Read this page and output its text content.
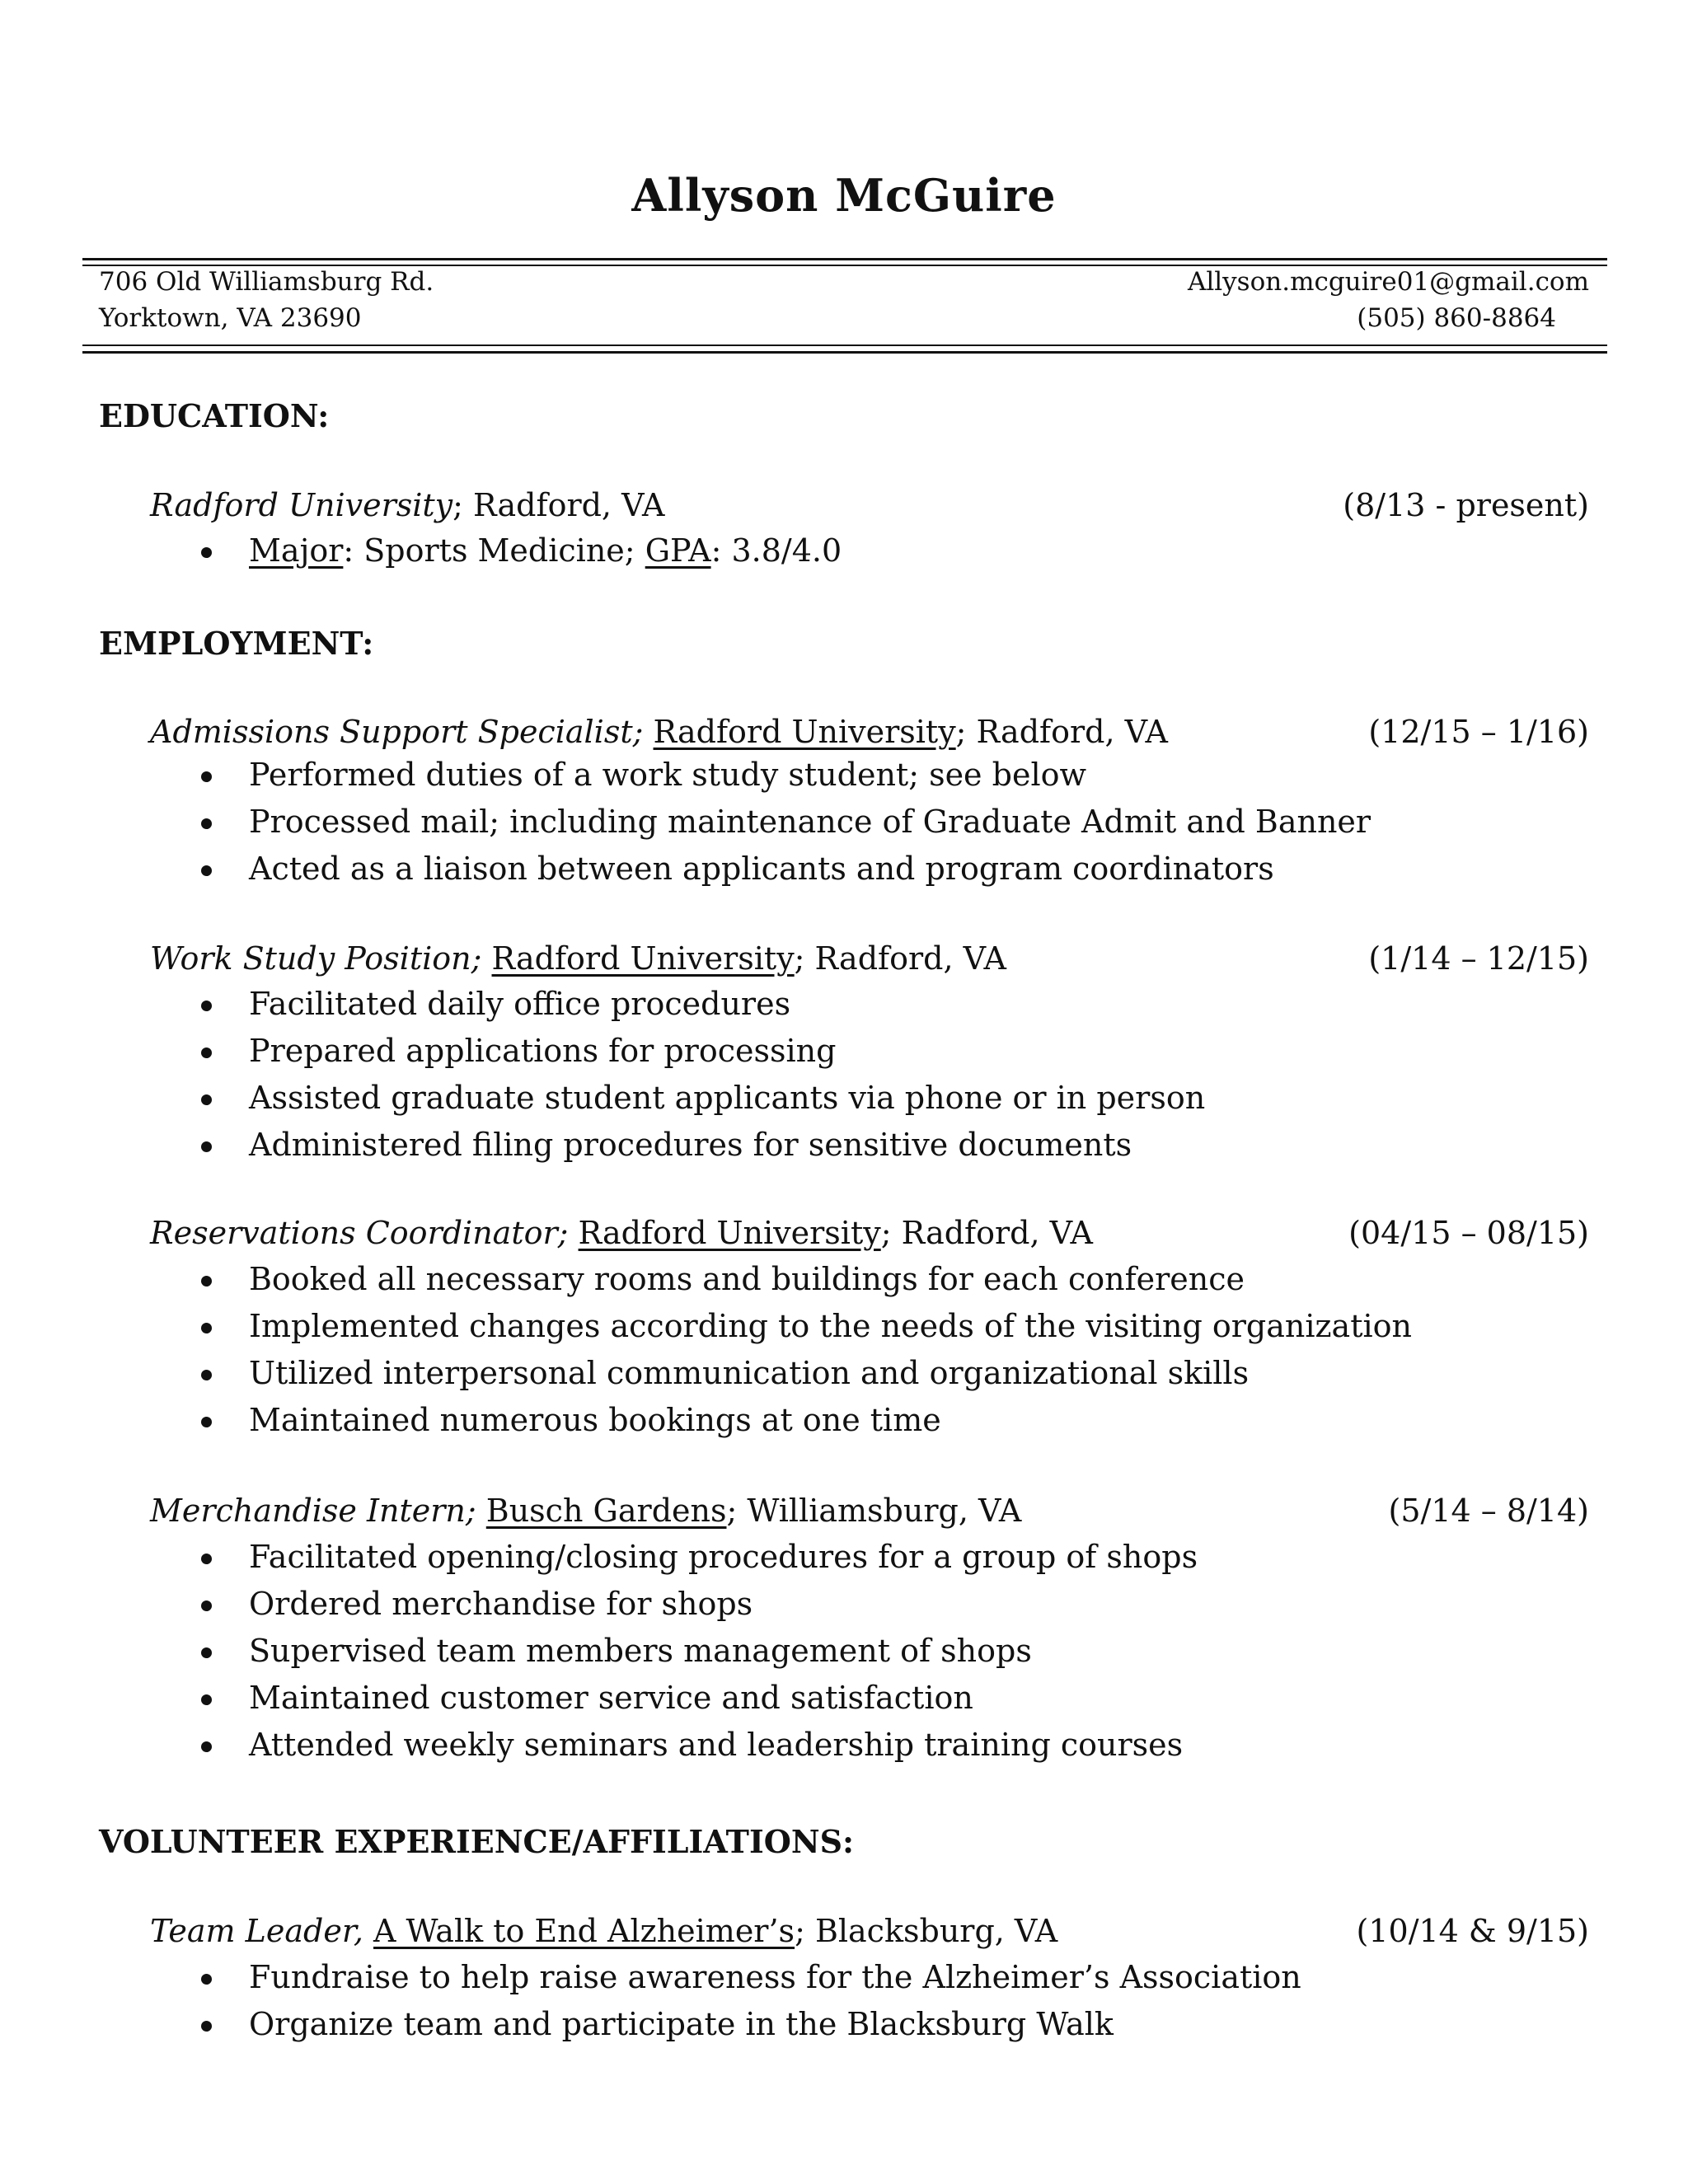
Allyson McGuire
706 Old Williamsburg Rd.
Yorktown, VA 23690
Allyson.mcguire01@gmail.com
(505) 860-8864
EDUCATION:
Radford University; Radford, VA	(8/13 - present)
Major: Sports Medicine; GPA: 3.8/4.0
EMPLOYMENT:
Admissions Support Specialist; Radford University; Radford, VA	(12/15 – 1/16)
Performed duties of a work study student; see below
Processed mail; including maintenance of Graduate Admit and Banner
Acted as a liaison between applicants and program coordinators
Work Study Position; Radford University; Radford, VA	(1/14 – 12/15)
Facilitated daily office procedures
Prepared applications for processing
Assisted graduate student applicants via phone or in person
Administered filing procedures for sensitive documents
Reservations Coordinator; Radford University; Radford, VA	(04/15 – 08/15)
Booked all necessary rooms and buildings for each conference
Implemented changes according to the needs of the visiting organization
Utilized interpersonal communication and organizational skills
Maintained numerous bookings at one time
Merchandise Intern; Busch Gardens; Williamsburg, VA	(5/14 – 8/14)
Facilitated opening/closing procedures for a group of shops
Ordered merchandise for shops
Supervised team members management of shops
Maintained customer service and satisfaction
Attended weekly seminars and leadership training courses
VOLUNTEER EXPERIENCE/AFFILIATIONS:
Team Leader, A Walk to End Alzheimer’s; Blacksburg, VA	(10/14 & 9/15)
Fundraise to help raise awareness for the Alzheimer’s Association
Organize team and participate in the Blacksburg Walk
